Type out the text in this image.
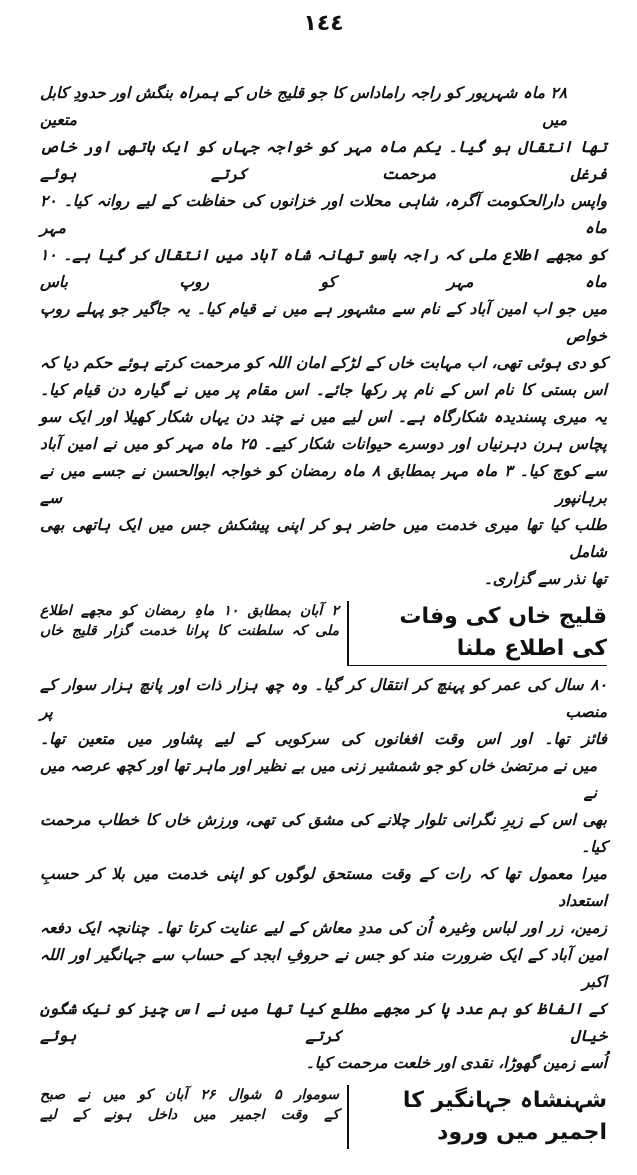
١٤٤
۲۸ ماہ شہریور کو راجہ راماداس کا جو قلیج خاں کے ہمراہ بنگش اور حدودِ کابل میں متعین
تھا انتقال ہو گیا۔ یکم ماہ مہر کو خواجہ جہاں کو ایک ہاتھی اور خاص فرغل مرحمت کرتے ہوئے
واپس دارالحکومت آگرہ، شاہی محلات اور خزانوں کی حفاظت کے لیے روانہ کیا۔ ۲۰ ماہ مہر
کو مجھے اطلاع ملی کہ راجہ باسو تھانہ شاہ آباد میں انتقال کر گیا ہے۔ ۱۰ ماہ مہر کو روپ باس
میں جو اب امین آباد کے نام سے مشہور ہے میں نے قیام کیا۔ یہ جاگیر جو پہلے روپ خواص
کو دی ہوئی تھی، اب مہابت خاں کے لڑکے امان اللہ کو مرحمت کرتے ہوئے حکم دیا کہ
اس بستی کا نام اس کے نام پر رکھا جائے۔ اس مقام پر میں نے گیارہ دن قیام کیا۔
یہ میری پسندیدہ شکارگاہ ہے۔ اس لیے میں نے چند دن یہاں شکار کھیلا اور ایک سو
پچاس ہرن دہرنیاں اور دوسرے حیوانات شکار کیے۔ ۲۵ ماہ مہر کو میں نے امین آباد
سے کوچ کیا۔ ۳ ماہ مہر بمطابق ۸ ماہ رمضان کو خواجہ ابوالحسن نے جسے میں نے برہانپور سے
طلب کیا تھا میری خدمت میں حاضر ہو کر اپنی پیشکش جس میں ایک ہاتھی بھی شامل
تھا نذر سے گزاری۔
قلیج خاں کی وفات کی اطلاع ملنا
۲ آبان بمطابق ۱۰ ماہِ رمضان کو مجھے اطلاع
ملی کہ سلطنت کا پرانا خدمت گزار قلیج خاں
۸۰ سال کی عمر کو پہنچ کر انتقال کر گیا۔ وہ چھ ہزار ذات اور پانچ ہزار سوار کے منصب پر
فائز تھا۔ اور اس وقت افغانوں کی سرکوبی کے لیے پشاور میں متعین تھا۔
میں نے مرتضیٰ خاں کو جو شمشیر زنی میں بے نظیر اور ماہر تھا اور کچھ عرصہ میں نے
بھی اس کے زیرِ نگرانی تلوار چلانے کی مشق کی تھی، ورزش خاں کا خطاب مرحمت کیا۔
میرا معمول تھا کہ رات کے وقت مستحق لوگوں کو اپنی خدمت میں بلا کر حسبِ استعداد
زمین، زر اور لباس وغیرہ اُن کی مددِ معاش کے لیے عنایت کرتا تھا۔ چنانچہ ایک دفعہ
امین آباد کے ایک ضرورت مند کو جس نے حروفِ ابجد کے حساب سے جہانگیر اور اللہ اکبر
کے الفاظ کو ہم عدد پا کر مجھے مطلع کیا تھا میں نے اس چیز کو نیک شگون خیال کرتے ہوئے
اُسے زمین گھوڑا، نقدی اور خلعت مرحمت کیا۔
شہنشاہ جہانگیر کا اجمیر میں ورود
سوموار ۵ شوال ۲۶ آبان کو میں نے صبح
کے وقت اجمیر میں داخل ہونے کے لیے
